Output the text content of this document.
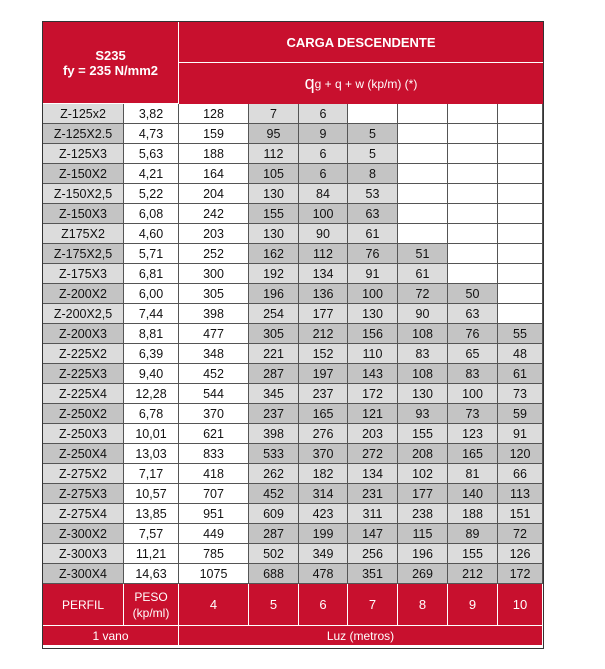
S235
fy = 235 N/mm2
CARGA DESCENDENTE
q g + q + w (kp/m) (*)
Z-125x2	3,82	128	7	6
Z-125X2.5	4,73	159	95	9	5
Z-125X3	5,63	188	112	6	5
Z-150X2	4,21	164	105	6	8
Z-150X2,5	5,22	204	130	84	53
Z-150X3	6,08	242	155	100	63
Z175X2	4,60	203	130	90	61
Z-175X2,5	5,71	252	162	112	76	51
Z-175X3	6,81	300	192	134	91	61
Z-200X2	6,00	305	196	136	100	72	50
Z-200X2,5	7,44	398	254	177	130	90	63
Z-200X3	8,81	477	305	212	156	108	76	55
Z-225X2	6,39	348	221	152	110	83	65	48
Z-225X3	9,40	452	287	197	143	108	83	61
Z-225X4	12,28	544	345	237	172	130	100	73
Z-250X2	6,78	370	237	165	121	93	73	59
Z-250X3	10,01	621	398	276	203	155	123	91
Z-250X4	13,03	833	533	370	272	208	165	120
Z-275X2	7,17	418	262	182	134	102	81	66
Z-275X3	10,57	707	452	314	231	177	140	113
Z-275X4	13,85	951	609	423	311	238	188	151
Z-300X2	7,57	449	287	199	147	115	89	72
Z-300X3	11,21	785	502	349	256	196	155	126
Z-300X4	14,63	1075	688	478	351	269	212	172
PERFIL
PESO
(kp/ml)
4	5	6	7	8	9	10
1 vano	Luz (metros)
